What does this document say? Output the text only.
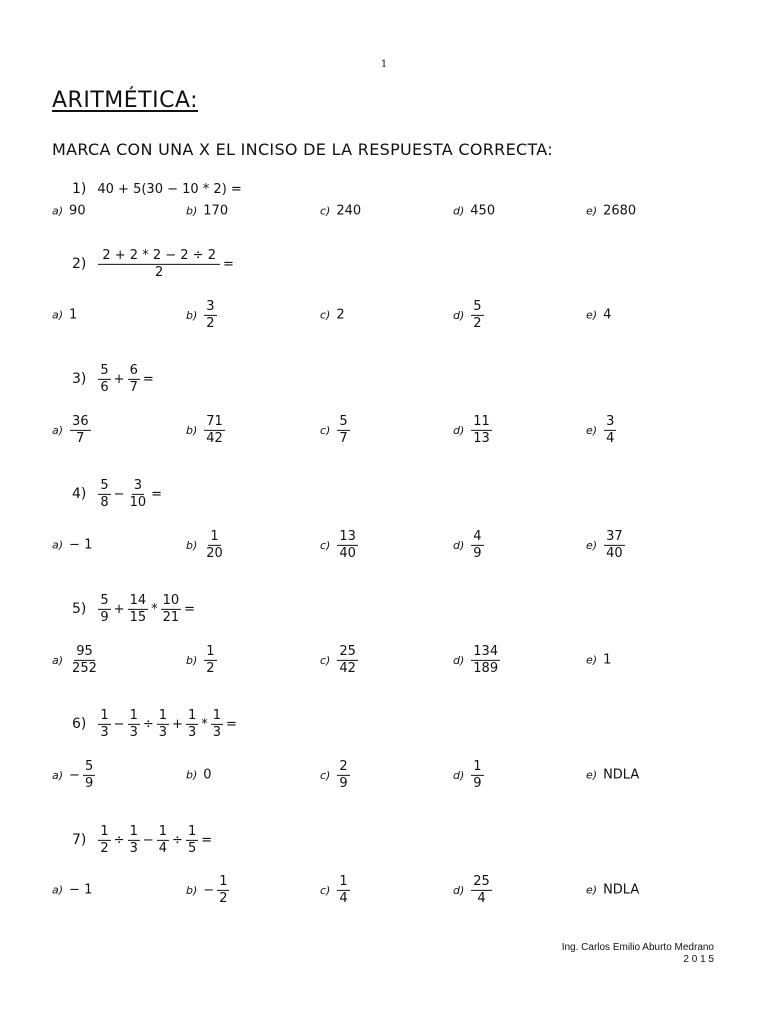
1
ARITMÉTICA:
MARCA CON UNA X EL INCISO DE LA RESPUESTA CORRECTA:
1) 40 + 5(30 − 10 * 2) =
a) 90	b) 170	c) 240	d) 450	e) 2680
$2) \frac{2 + 2 * 2 - 2 \div 2}{2}$ =
a) 1	$b) \frac{3}{2}$	c) 2	$d) \frac{5}{2}$	e) 4
$3) \frac{5}{6} + \frac{6}{7}$ =
$a) \frac{36}{7}$	$b) \frac{71}{42}$	$c) \frac{5}{7}$	$d) \frac{11}{13}$	$e) \frac{3}{4}$
$4) \frac{5}{8} - \frac{3}{10}$ =
a) − 1	$b) \frac{1}{20}$	$c) \frac{13}{40}$	$d) \frac{4}{9}$	$e) \frac{37}{40}$
$5) \frac{5}{9} + \frac{14}{15} * \frac{10}{21}$ =
$a) \frac{95}{252}$	$b) \frac{1}{2}$	$c) \frac{25}{42}$	$d) \frac{134}{189}$	e) 1
$6) \frac{1}{3} - \frac{1}{3} \div \frac{1}{3} + \frac{1}{3} * \frac{1}{3}$ =
$a) - \frac{5}{9}$	b) 0	$c) \frac{2}{9}$	$d) \frac{1}{9}$	e) NDLA
$7) \frac{1}{2} \div \frac{1}{3} - \frac{1}{4} \div \frac{1}{5}$ =
a) − 1	$b) - \frac{1}{2}$	$c) \frac{1}{4}$	$d) \frac{25}{4}$	e) NDLA
Ing. Carlos Emilio Aburto Medrano
2 0 1 5
